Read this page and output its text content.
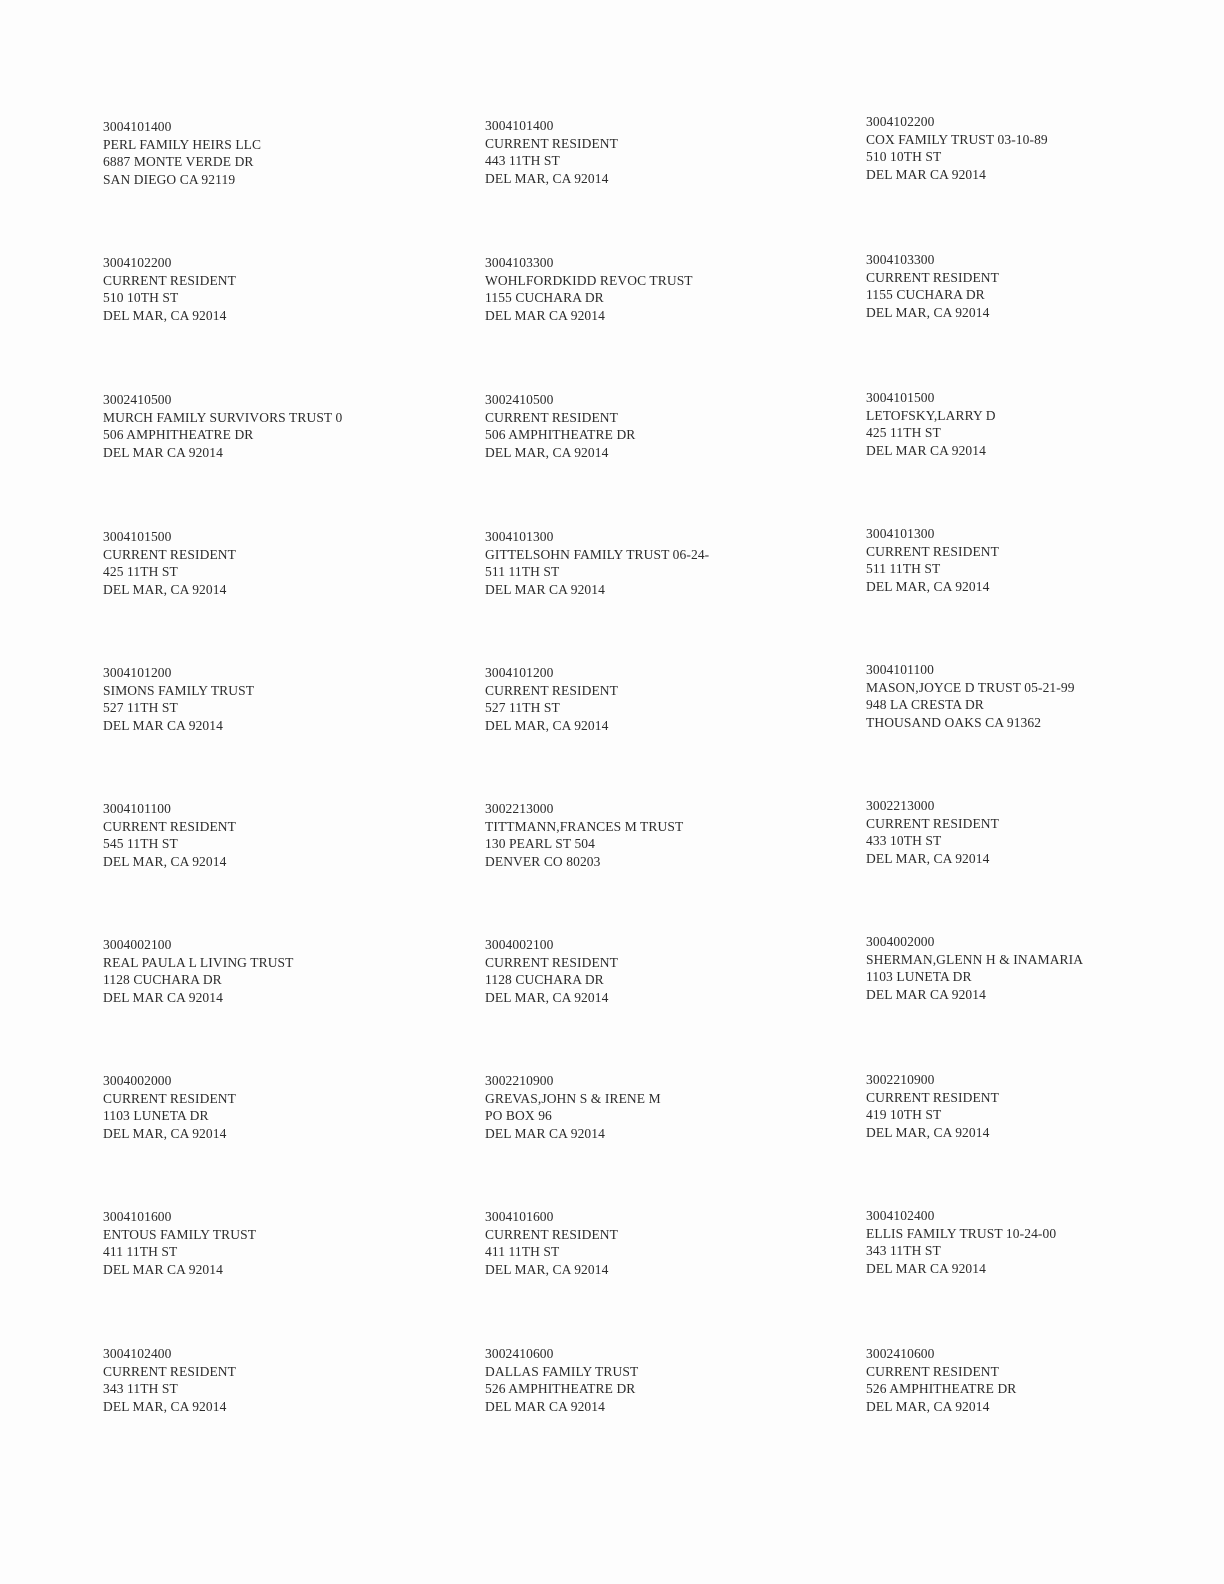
3004101400
PERL FAMILY HEIRS LLC
6887 MONTE VERDE DR
SAN DIEGO CA 92119
3004101400
CURRENT RESIDENT
443 11TH ST
DEL MAR, CA 92014
3004102200
COX FAMILY TRUST 03-10-89
510 10TH ST
DEL MAR CA 92014
3004102200
CURRENT RESIDENT
510 10TH ST
DEL MAR, CA 92014
3004103300
WOHLFORDKIDD REVOC TRUST
1155 CUCHARA DR
DEL MAR CA 92014
3004103300
CURRENT RESIDENT
1155 CUCHARA DR
DEL MAR, CA 92014
3002410500
MURCH FAMILY SURVIVORS TRUST 0
506 AMPHITHEATRE DR
DEL MAR CA 92014
3002410500
CURRENT RESIDENT
506 AMPHITHEATRE DR
DEL MAR, CA 92014
3004101500
LETOFSKY,LARRY D
425 11TH ST
DEL MAR CA 92014
3004101500
CURRENT RESIDENT
425 11TH ST
DEL MAR, CA 92014
3004101300
GITTELSOHN FAMILY TRUST 06-24-
511 11TH ST
DEL MAR CA 92014
3004101300
CURRENT RESIDENT
511 11TH ST
DEL MAR, CA 92014
3004101200
SIMONS FAMILY TRUST
527 11TH ST
DEL MAR CA 92014
3004101200
CURRENT RESIDENT
527 11TH ST
DEL MAR, CA 92014
3004101100
MASON,JOYCE D TRUST 05-21-99
948 LA CRESTA DR
THOUSAND OAKS CA 91362
3004101100
CURRENT RESIDENT
545 11TH ST
DEL MAR, CA 92014
3002213000
TITTMANN,FRANCES M TRUST
130 PEARL ST 504
DENVER CO 80203
3002213000
CURRENT RESIDENT
433 10TH ST
DEL MAR, CA 92014
3004002100
REAL PAULA L LIVING TRUST
1128 CUCHARA DR
DEL MAR CA 92014
3004002100
CURRENT RESIDENT
1128 CUCHARA DR
DEL MAR, CA 92014
3004002000
SHERMAN,GLENN H & INAMARIA
1103 LUNETA DR
DEL MAR CA 92014
3004002000
CURRENT RESIDENT
1103 LUNETA DR
DEL MAR, CA 92014
3002210900
GREVAS,JOHN S & IRENE M
PO BOX 96
DEL MAR CA 92014
3002210900
CURRENT RESIDENT
419 10TH ST
DEL MAR, CA 92014
3004101600
ENTOUS FAMILY TRUST
411 11TH ST
DEL MAR CA 92014
3004101600
CURRENT RESIDENT
411 11TH ST
DEL MAR, CA 92014
3004102400
ELLIS FAMILY TRUST 10-24-00
343 11TH ST
DEL MAR CA 92014
3004102400
CURRENT RESIDENT
343 11TH ST
DEL MAR, CA 92014
3002410600
DALLAS FAMILY TRUST
526 AMPHITHEATRE DR
DEL MAR CA 92014
3002410600
CURRENT RESIDENT
526 AMPHITHEATRE DR
DEL MAR, CA 92014
